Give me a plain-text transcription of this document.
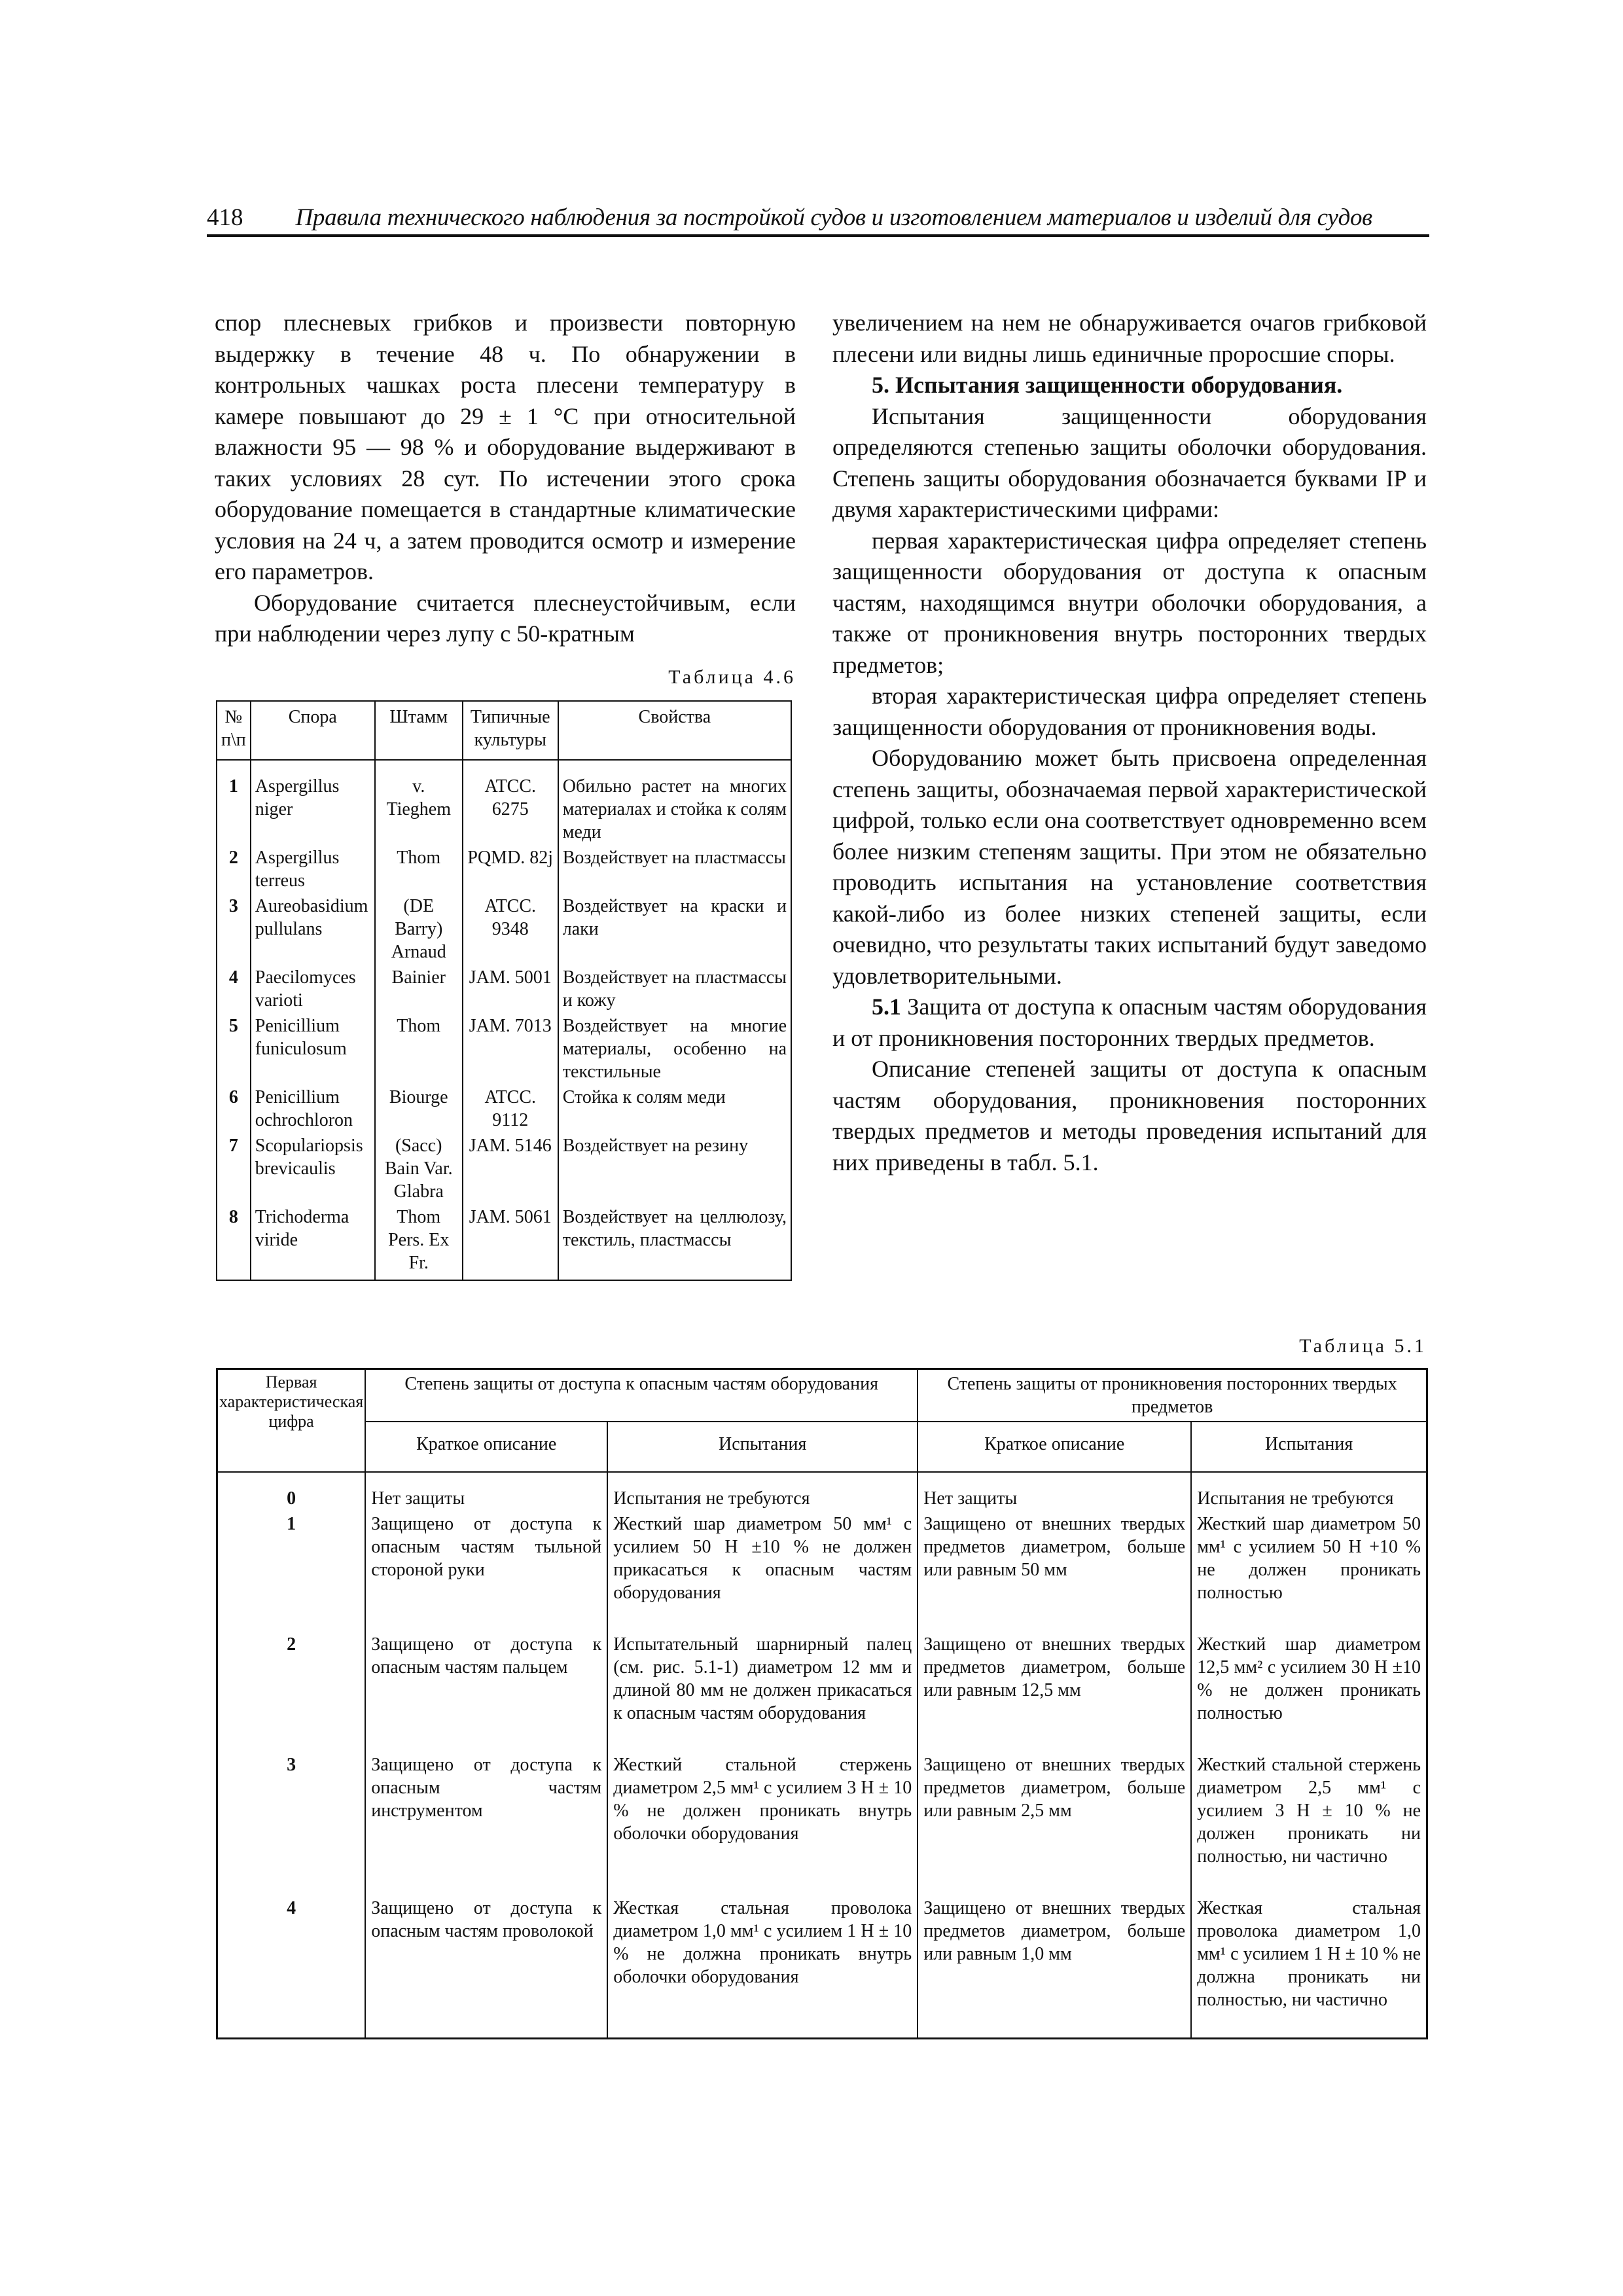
418 Правила технического наблюдения за постройкой судов и изготовлением материалов и изделий для судов

спор плесневых грибков и произвести повторную выдержку в течение 48 ч. По обнаружении в контрольных чашках роста плесени температуру в камере повышают до 29 ± 1 °С при относительной влажности 95 — 98 % и оборудование выдерживают в таких условиях 28 сут. По истечении этого срока оборудование помещается в стандартные климатические условия на 24 ч, а затем проводится осмотр и измерение его параметров.

Оборудование считается плеснеустойчивым, если при наблюдении через лупу с 50-кратным

Таблица 4.6

№ п\п	Спора	Штамм	Типичные культуры	Свойства
1	Aspergillus niger	v. Tieghem	ATCC. 6275	Обильно растет на многих материалах и стойка к солям меди
2	Aspergillus terreus	Thom	PQMD. 82j	Воздействует на пластмассы
3	Aureobasidium pullulans	(DE Barry) Arnaud	ATCC. 9348	Воздействует на краски и лаки
4	Paecilomyces varioti	Bainier	JAM. 5001	Воздействует на пластмассы и кожу
5	Penicillium funiculosum	Thom	JAM. 7013	Воздействует на многие материалы, особенно на текстильные
6	Penicillium ochrochloron	Biourge	ATCC. 9112	Стойка к солям меди
7	Scopulariopsis brevicaulis	(Sacc) Bain Var. Glabra	JAM. 5146	Воздействует на резину
8	Trichoderma viride	Thom Pers. Ex Fr.	JAM. 5061	Воздействует на целлюлозу, текстиль, пластмассы

увеличением на нем не обнаруживается очагов грибковой плесени или видны лишь единичные проросшие споры.

5. Испытания защищенности оборудования.

Испытания защищенности оборудования определяются степенью защиты оболочки оборудования. Степень защиты оборудования обозначается буквами IP и двумя характеристическими цифрами:

первая характеристическая цифра определяет степень защищенности оборудования от доступа к опасным частям, находящимся внутри оболочки оборудования, а также от проникновения внутрь посторонних твердых предметов;

вторая характеристическая цифра определяет степень защищенности оборудования от проникновения воды.

Оборудованию может быть присвоена определенная степень защиты, обозначаемая первой характеристической цифрой, только если она соответствует одновременно всем более низким степеням защиты. При этом не обязательно проводить испытания на установление соответствия какой-либо из более низких степеней защиты, если очевидно, что результаты таких испытаний будут заведомо удовлетворительными.

5.1 Защита от доступа к опасным частям оборудования и от проникновения посторонних твердых предметов.

Описание степеней защиты от доступа к опасным частям оборудования, проникновения посторонних твердых предметов и методы проведения испытаний для них приведены в табл. 5.1.

Таблица 5.1
Первая характеристическая цифра	Степень защиты от доступа к опасным частям оборудования		Степень защиты от проникновения посторонних твердых предметов	
	Краткое описание	Испытания	Краткое описание	Испытания
0	Нет защиты	Испытания не требуются	Нет защиты	Испытания не требуются
1	Защищено от доступа к опасным частям тыльной стороной руки	Жесткий шар диаметром 50 мм¹ с усилием 50 Н ±10 % не должен прикасаться к опасным частям оборудования	Защищено от внешних твердых предметов диаметром, больше или равным 50 мм	Жесткий шар диаметром 50 мм¹ с усилием 50 Н +10 % не должен проникать полностью
2	Защищено от доступа к опасным частям пальцем	Испытательный шарнирный палец (см. рис. 5.1-1) диаметром 12 мм и длиной 80 мм не должен прикасаться к опасным частям оборудования	Защищено от внешних твердых предметов диаметром, больше или равным 12,5 мм	Жесткий шар диаметром 12,5 мм² с усилием 30 Н ±10 % не должен проникать полностью
3	Защищено от доступа к опасным частям инструментом	Жесткий стальной стержень диаметром 2,5 мм¹ с усилием 3 Н ± 10 % не должен проникать внутрь оболочки оборудования	Защищено от внешних твердых предметов диаметром, больше или равным 2,5 мм	Жесткий стальной стержень диаметром 2,5 мм¹ с усилием 3 Н ± 10 % не должен проникать ни полностью, ни частично
4	Защищено от доступа к опасным частям проволокой	Жесткая стальная проволока диаметром 1,0 мм¹ с усилием 1 Н ± 10 % не должна проникать внутрь оболочки оборудования	Защищено от внешних твердых предметов диаметром, больше или равным 1,0 мм	Жесткая стальная проволока диаметром 1,0 мм¹ с усилием 1 Н ± 10 % не должна проникать ни полностью, ни частично
